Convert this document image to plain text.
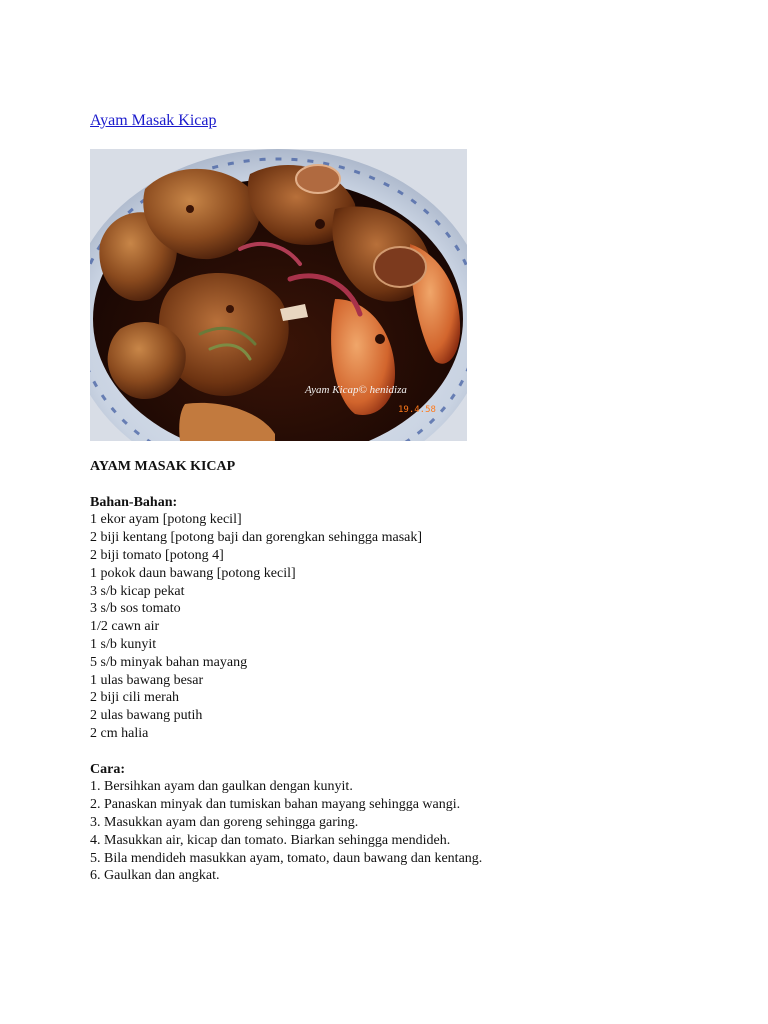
Ayam Masak Kicap
Ayam Kicap© henidiza
19.4.58
AYAM MASAK KICAP
Bahan-Bahan:
1 ekor ayam [potong kecil]
2 biji kentang [potong baji dan gorengkan sehingga masak]
2 biji tomato [potong 4]
1 pokok daun bawang [potong kecil]
3 s/b kicap pekat
3 s/b sos tomato
1/2 cawn air
1 s/b kunyit
5 s/b minyak bahan mayang
1 ulas bawang besar
2 biji cili merah
2 ulas bawang putih
2 cm halia
Cara:
1. Bersihkan ayam dan gaulkan dengan kunyit.
2. Panaskan minyak dan tumiskan bahan mayang sehingga wangi.
3. Masukkan ayam dan goreng sehingga garing.
4. Masukkan air, kicap dan tomato. Biarkan sehingga mendideh.
5. Bila mendideh masukkan ayam, tomato, daun bawang dan kentang.
6. Gaulkan dan angkat.
